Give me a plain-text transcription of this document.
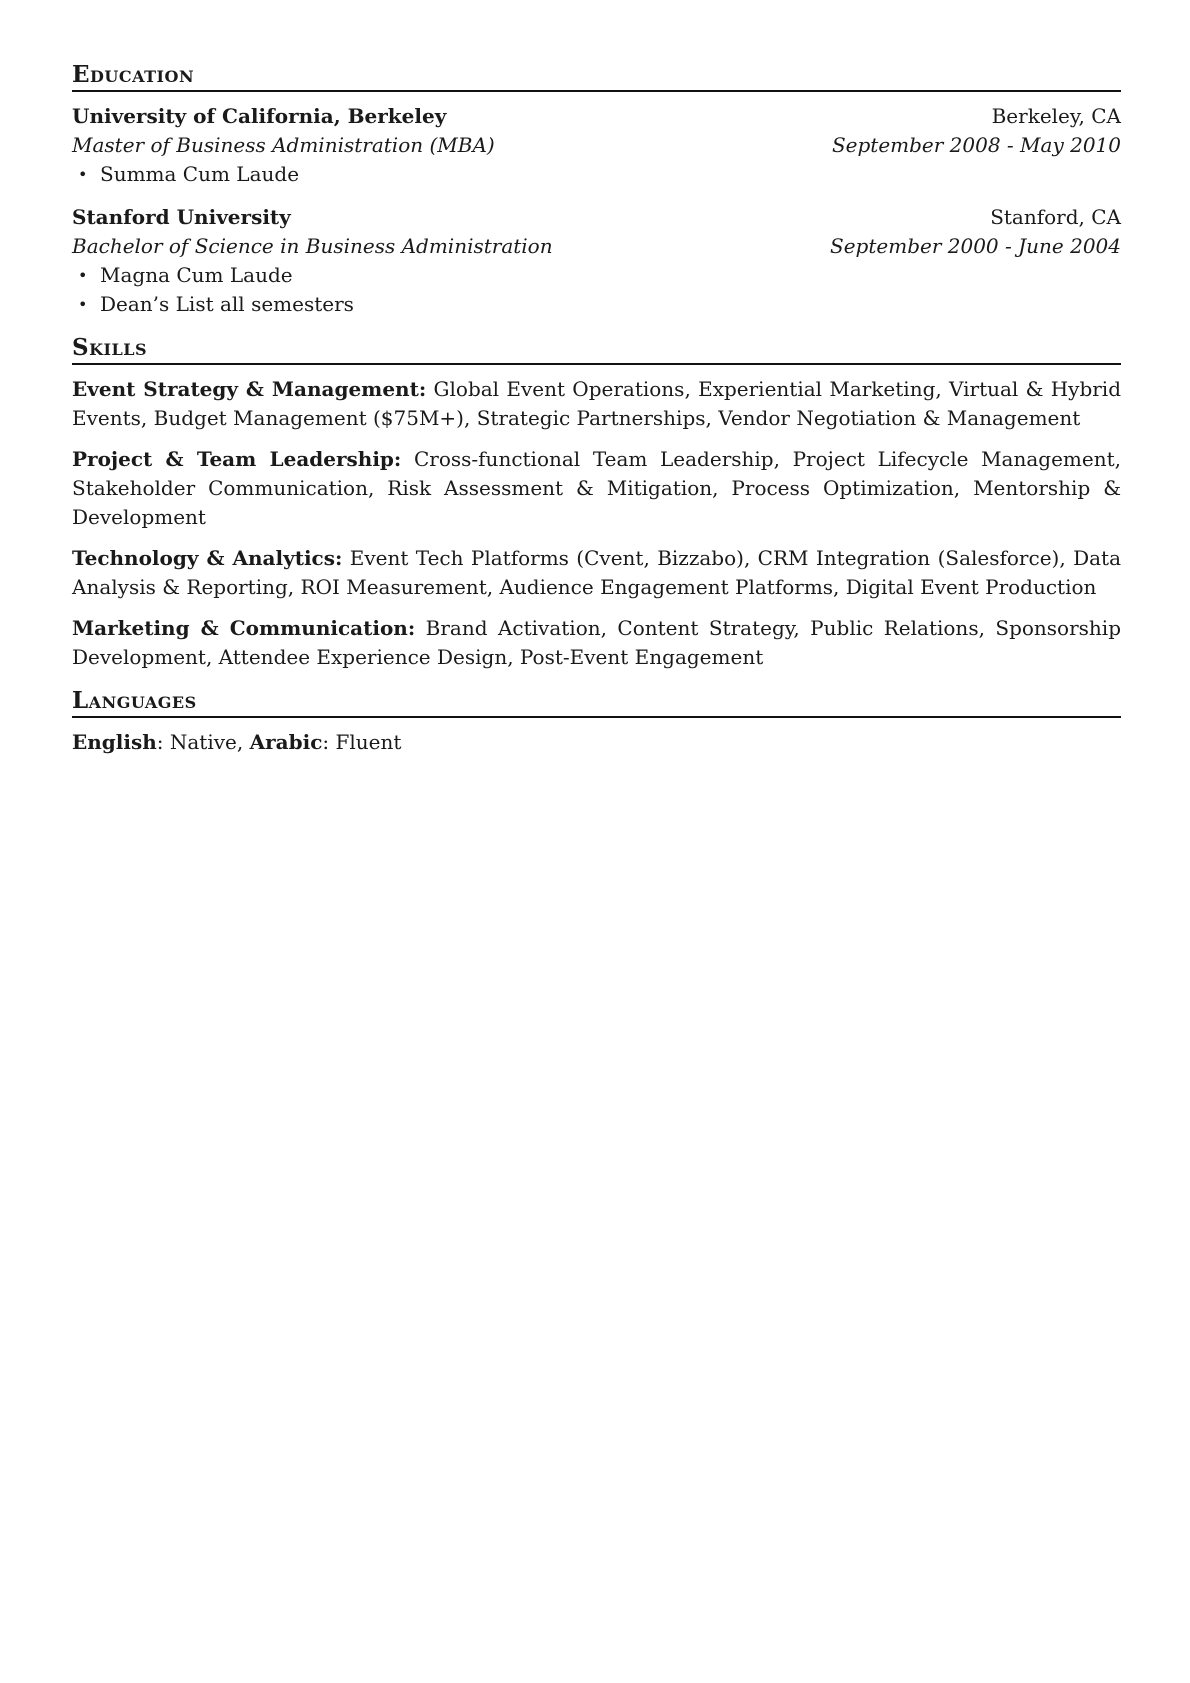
Education
University of California, Berkeley	Berkeley, CA
Master of Business Administration (MBA)	September 2008 - May 2010
• Summa Cum Laude
Stanford University	Stanford, CA
Bachelor of Science in Business Administration	September 2000 - June 2004
• Magna Cum Laude
• Dean’s List all semesters
Skills

Event Strategy & Management: Global Event Operations, Experiential Marketing, Virtual & Hybrid Events, Budget Management ($75M+), Strategic Partnerships, Vendor Negotiation & Management

Project & Team Leadership: Cross-functional Team Leadership, Project Lifecycle Management, Stakeholder Communication, Risk Assessment & Mitigation, Process Optimization, Mentorship & Development

Technology & Analytics: Event Tech Platforms (Cvent, Bizzabo), CRM Integration (Salesforce), Data Analysis & Reporting, ROI Measurement, Audience Engagement Platforms, Digital Event Production

Marketing & Communication: Brand Activation, Content Strategy, Public Relations, Sponsorship Development, Attendee Experience Design, Post-Event Engagement

Languages
English: Native, Arabic: Fluent
